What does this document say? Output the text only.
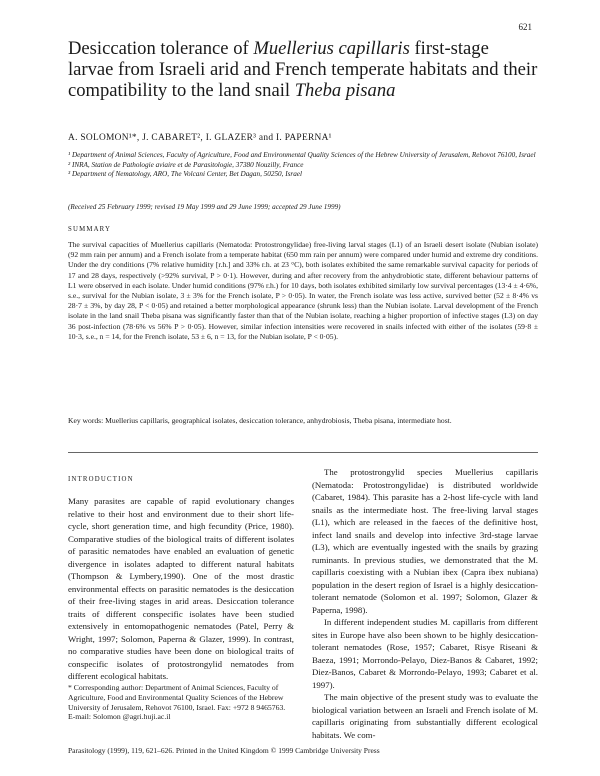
621
Desiccation tolerance of Muellerius capillaris first-stage larvae from Israeli arid and French temperate habitats and their compatibility to the land snail Theba pisana
A. SOLOMON¹*, J. CABARET², I. GLAZER³ and I. PAPERNA¹
¹ Department of Animal Sciences, Faculty of Agriculture, Food and Environmental Quality Sciences of the Hebrew University of Jerusalem, Rehovot 76100, Israel
² INRA, Station de Pathologie aviaire et de Parasitologie, 37380 Nouzilly, France
³ Department of Nematology, ARO, The Volcani Center, Bet Dagan, 50250, Israel
(Received 25 February 1999; revised 19 May 1999 and 29 June 1999; accepted 29 June 1999)
SUMMARY
The survival capacities of Muellerius capillaris (Nematoda: Protostrongylidae) free-living larval stages (L1) of an Israeli desert isolate (Nubian isolate) (92 mm rain per annum) and a French isolate from a temperate habitat (650 mm rain per annum) were compared under humid and extreme dry conditions. Under the dry conditions (7% relative humidity [r.h.] and 33% r.h. at 23 °C), both isolates exhibited the same remarkable survival capacity for periods of 17 and 28 days, respectively (>92% survival, P > 0·1). However, during and after recovery from the anhydrobiotic state, different behaviour patterns of L1 were observed in each isolate. Under humid conditions (97% r.h.) for 10 days, both isolates exhibited similarly low survival percentages (13·4 ± 4·6%, s.e., survival for the Nubian isolate, 3 ± 3% for the French isolate, P > 0·05). In water, the French isolate was less active, survived better (52 ± 8·4% vs 28·7 ± 3%, by day 28, P < 0·05) and retained a better morphological appearance (shrunk less) than the Nubian isolate. Larval development of the French isolate in the land snail Theba pisana was significantly faster than that of the Nubian isolate, reaching a higher proportion of infective stages (L3) on day 36 post-infection (78·6% vs 56% P > 0·05). However, similar infection intensities were recovered in snails infected with either of the isolates (59·8 ± 10·3, s.e., n = 14, for the French isolate, 53 ± 6, n = 13, for the Nubian isolate, P < 0·05).
Key words: Muellerius capillaris, geographical isolates, desiccation tolerance, anhydrobiosis, Theba pisana, intermediate host.
INTRODUCTION

Many parasites are capable of rapid evolutionary changes relative to their host and environment due to their short life-cycle, short generation time, and high fecundity (Price, 1980). Comparative studies of the biological traits of different isolates of parasitic nematodes have enabled an evaluation of genetic divergence in isolates adapted to different natural habitats (Thompson & Lymbery,1990). One of the most drastic environmental effects on parasitic nematodes is the desiccation of their free-living stages in arid areas. Desiccation tolerance traits of different conspecific isolates have been studied extensively in entomopathogenic nematodes (Patel, Perry & Wright, 1997; Solomon, Paperna & Glazer, 1999). In contrast, no comparative studies have been done on biological traits of conspecific isolates of protostrongylid nematodes from different ecological habitats.

* Corresponding author: Department of Animal Sciences, Faculty of Agriculture, Food and Environmental Quality Sciences of the Hebrew University of Jerusalem, Rehovot 76100, Israel. Fax: +972 8 9465763. E-mail: Solomon @agri.huji.ac.il

The protostrongylid species Muellerius capillaris (Nematoda: Protostrongylidae) is distributed worldwide (Cabaret, 1984). This parasite has a 2-host life-cycle with land snails as the intermediate host. The free-living larval stages (L1), which are released in the faeces of the definitive host, infect land snails and develop into infective 3rd-stage larvae (L3), which are eventually ingested with the snails by grazing ruminants. In previous studies, we demonstrated that the M. capillaris coexisting with a Nubian ibex (Capra ibex nubiana) population in the desert region of Israel is a highly desiccation-tolerant nematode (Solomon et al. 1997; Solomon, Glazer & Paperna, 1998).

In different independent studies M. capillaris from different sites in Europe have also been shown to be highly desiccation-tolerant nematodes (Rose, 1957; Cabaret, Risye Riseani & Baeza, 1991; Morrondo-Pelayo, Diez-Banos & Cabaret, 1992; Diez-Banos, Cabaret & Morrondo-Pelayo, 1993; Cabaret et al. 1997).

The main objective of the present study was to evaluate the biological variation between an Israeli and French isolate of M. capillaris originating from substantially different ecological habitats. We com-

Parasitology (1999), 119, 621–626. Printed in the United Kingdom © 1999 Cambridge University Press
